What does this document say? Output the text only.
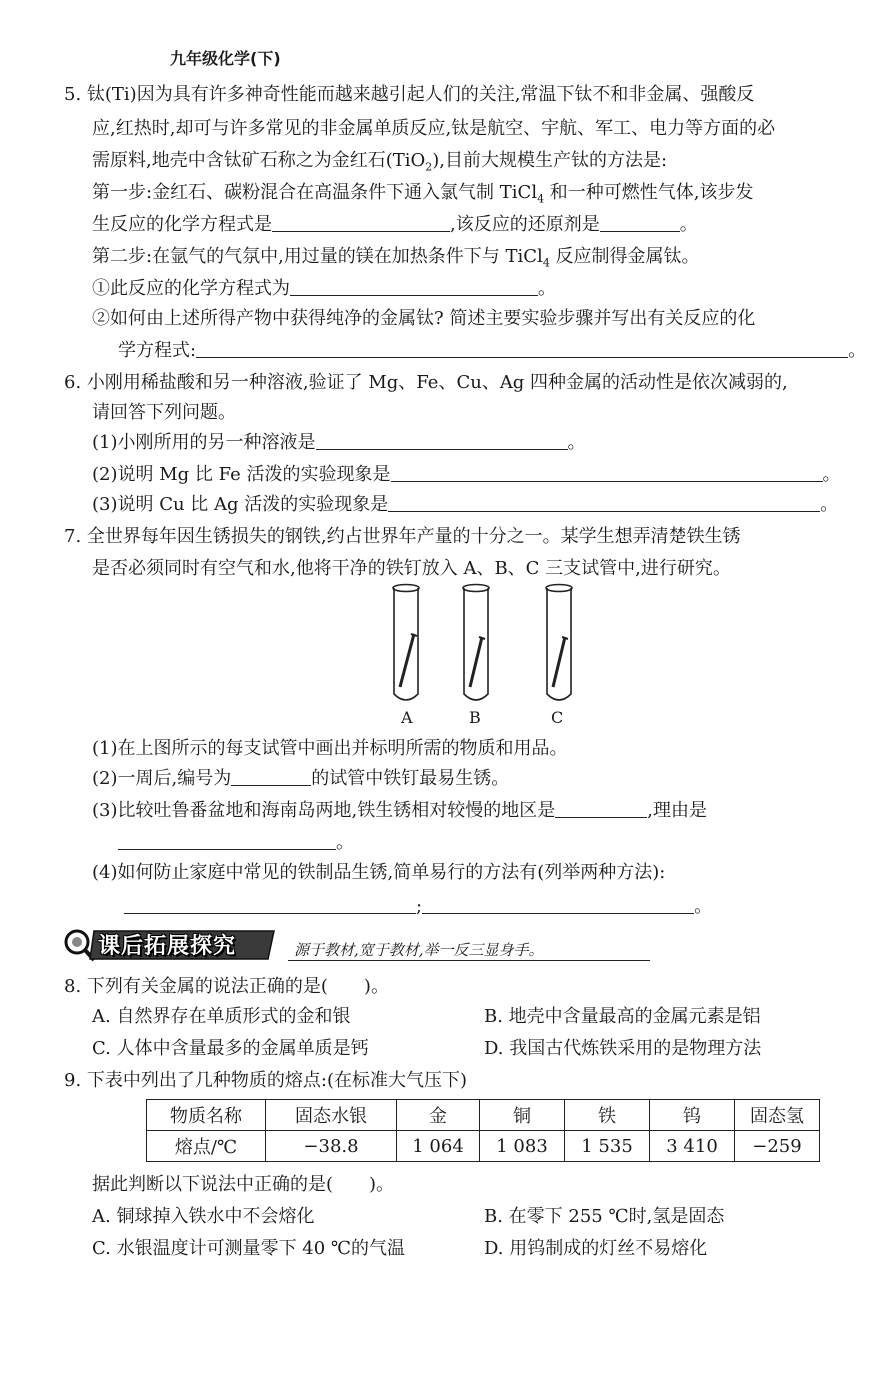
九年级化学(下)
5. 钛(Ti)因为具有许多神奇性能而越来越引起人们的关注,常温下钛不和非金属、强酸反
应,红热时,却可与许多常见的非金属单质反应,钛是航空、宇航、军工、电力等方面的必
需原料,地壳中含钛矿石称之为金红石(TiO$_2$),目前大规模生产钛的方法是:
第一步:金红石、碳粉混合在高温条件下通入氯气制 TiCl$_4$ 和一种可燃性气体,该步发
生反应的化学方程式是	,该反应的还原剂是	。
第二步:在氩气的气氛中,用过量的镁在加热条件下与 TiCl$_4$ 反应制得金属钛。
①此反应的化学方程式为	。
②如何由上述所得产物中获得纯净的金属钛? 简述主要实验步骤并写出有关反应的化
学方程式:	。
6. 小刚用稀盐酸和另一种溶液,验证了 Mg、Fe、Cu、Ag 四种金属的活动性是依次减弱的,
请回答下列问题。
(1)小刚所用的另一种溶液是	。
(2)说明 Mg 比 Fe 活泼的实验现象是	。
(3)说明 Cu 比 Ag 活泼的实验现象是	。
7. 全世界每年因生锈损失的钢铁,约占世界年产量的十分之一。某学生想弄清楚铁生锈
是否必须同时有空气和水,他将干净的铁钉放入 A、B、C 三支试管中,进行研究。
A	B	C
(1)在上图所示的每支试管中画出并标明所需的物质和用品。
(2)一周后,编号为	的试管中铁钉最易生锈。
(3)比较吐鲁番盆地和海南岛两地,铁生锈相对较慢的地区是	,理由是
。
(4)如何防止家庭中常见的铁制品生锈,简单易行的方法有(列举两种方法):
;	。
课后拓展探究	源于教材,宽于教材,举一反三显身手。
8. 下列有关金属的说法正确的是(　　)。
A. 自然界存在单质形式的金和银	B. 地壳中含量最高的金属元素是铝
C. 人体中含量最多的金属单质是钙	D. 我国古代炼铁采用的是物理方法
9. 下表中列出了几种物质的熔点:(在标准大气压下)
物质名称	固态水银	金	铜	铁	钨	固态氢
熔点/℃	−38.8	1 064	1 083	1 535	3 410	−259
据此判断以下说法中正确的是(　　)。
A. 铜球掉入铁水中不会熔化	B. 在零下 255 ℃时,氢是固态
C. 水银温度计可测量零下 40 ℃的气温	D. 用钨制成的灯丝不易熔化
